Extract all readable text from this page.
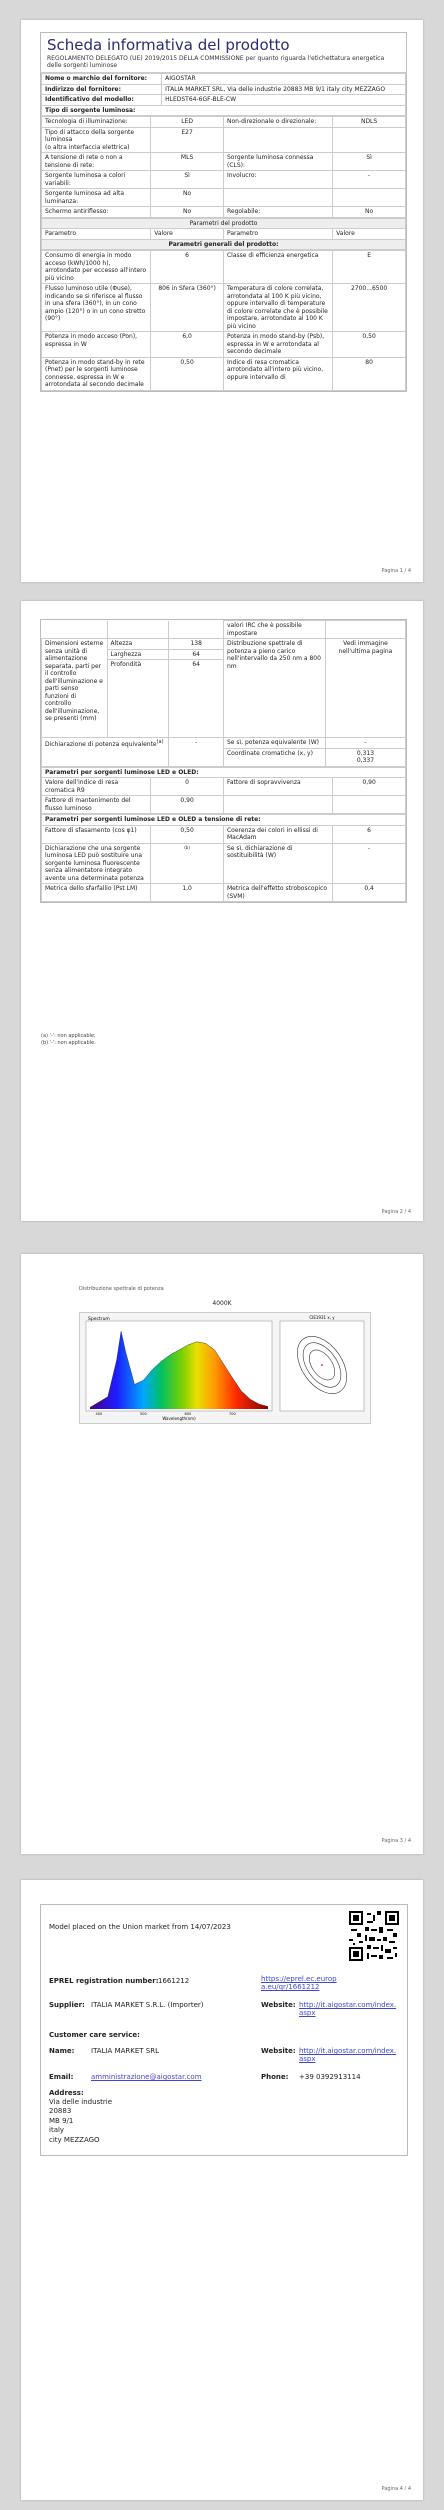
Scheda informativa del prodotto
REGOLAMENTO DELEGATO (UE) 2019/2015 DELLA COMMISSIONE per quanto riguarda l'etichettatura energetica delle sorgenti luminose
Nome o marchio del fornitore:	AIGOSTAR
Indirizzo del fornitore:	ITALIA MARKET SRL, Via delle industrie 20883 MB 9/1 italy city MEZZAGO
Identificativo del modello:	HLEDST64-6GF-BLE-CW
Tipo di sorgente luminosa:	
Tecnologia di illuminazione:	LED	Non-direzionale o direzionale:	NDLS
Tipo di attacco della sorgente luminosa
(o altra interfaccia elettrica)	E27		
A tensione di rete o non a tensione di rete:	MLS	Sorgente luminosa connessa (CLS):	Sì
Sorgente luminosa a colori variabili:	Sì	Involucro:	-
Sorgente luminosa ad alta luminanza:	No		
Schermo antiriflesso:	No	Regolabile:	No
Parametri del prodotto
Parametro	Valore	Parametro	Valore
Parametri generali del prodotto:
Consumo di energia in modo acceso (kWh/1000 h), arrotondato per eccesso all'intero più vicino	6	Classe di efficienza energetica	E
Flusso luminoso utile (Φuse), indicando se si riferisce al flusso in una sfera (360°), in un cono ampio (120°) o in un cono stretto (90°)	806 in Sfera (360°)	Temperatura di colore correlata, arrotondata al 100 K più vicino, oppure intervallo di temperature di colore correlate che è possibile impostare, arrotondato al 100 K più vicino	2700...6500
Potenza in modo acceso (Pon), espressa in W	6,0	Potenza in modo stand-by (Psb), espressa in W e arrotondata al secondo decimale	0,50
Potenza in modo stand-by in rete (Pnet) per le sorgenti luminose connesse, espressa in W e arrotondata al secondo decimale	0,50	Indice di resa cromatica arrotondato all'intero più vicino, oppure intervallo di	80
Pagina 1 / 4
			valori IRC che è possibile impostare	
Dimensioni esterne senza unità di alimentazione separata, parti per il controllo dell'illuminazione e parti senso funzioni di controllo dell'illuminazione, se presenti (mm)	Altezza	138	Distribuzione spettrale di potenza a pieno carico nell'intervallo da 250 nm a 800 nm	Vedi immagine nell'ultima pagina
	Larghezza	64		
	Profondità	64		
Dichiarazione di potenza equivalente$^{(a)}$		-	Se sì, potenza equivalente (W)	-
			Coordinate cromatiche (x, y)	0,313
0,337
Parametri per sorgenti luminose LED e OLED:			
Valore dell'indice di resa cromatica R9	0	Fattore di sopravvivenza	0,90
Fattore di mantenimento del flusso luminoso	0,90		
Parametri per sorgenti luminose LED e OLED a tensione di rete:			
Fattore di sfasamento (cos φ1)	0,50	Coerenza dei colori in ellissi di MacAdam	6
Dichiarazione che una sorgente luminosa LED può sostituire una sorgente luminosa fluorescente senza alimentatore integrato avente una determinata potenza	(b)	Se sì, dichiarazione di sostituibilità (W)	-
Metrica dello sfarfallio (Pst LM)	1,0	Metrica dell'effetto stroboscopico (SVM)	0,4
(a) '-': non applicable;
(b) '-': non applicable.
Pagina 2 / 4
Distribuzione spettrale di potenza
4000K
Spectrum
Wavelength(nm)
400	500	600	700
CIE1931 x, y
Pagina 3 / 4
Model placed on the Union market from 14/07/2023
EPREL registration number: 1661212	https://eprel.ec.europa.eu/qr/1661212
Supplier: ITALIA MARKET S.R.L. (Importer)	Website: http://it.aigostar.com/index.aspx
Customer care service:
Name: ITALIA MARKET SRL	Website: http://it.aigostar.com/index.aspx
Email:	amministrazione@aigostar.com	Phone: +39 0392913114
Address:
Via delle industrie
20883
MB 9/1
italy
city MEZZAGO
Pagina 4 / 4
